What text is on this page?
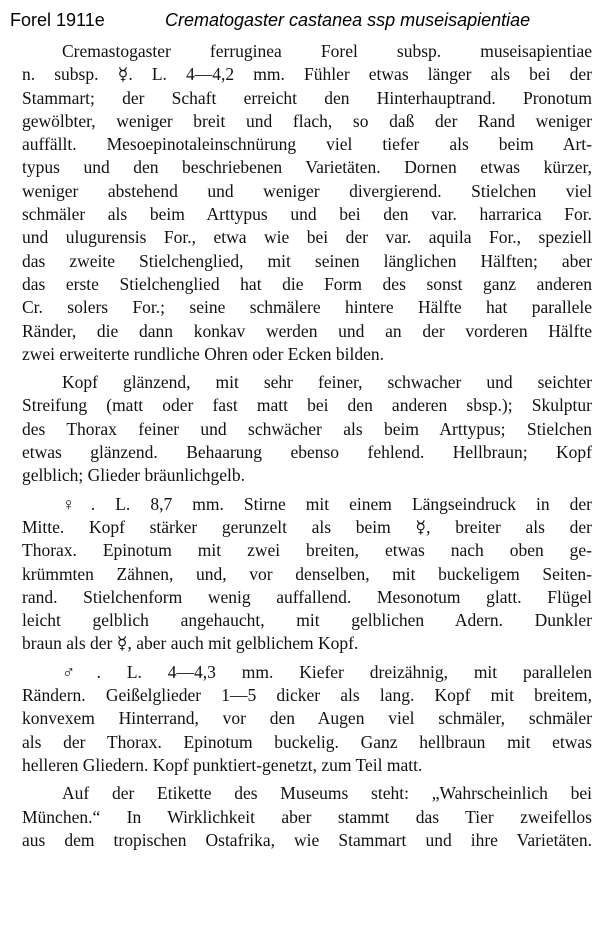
Forel 1911e	Crematogaster castanea ssp museisapientiae
Cremastogaster ferruginea Forel subsp. museisapientiae
n. subsp. ☿. L. 4—4,2 mm. Fühler etwas länger als bei der
Stammart; der Schaft erreicht den Hinterhauptrand. Pronotum
gewölbter, weniger breit und flach, so daß der Rand weniger
auffällt. Mesoepinotaleinschnürung viel tiefer als beim Art-
typus und den beschriebenen Varietäten. Dornen etwas kürzer,
weniger abstehend und weniger divergierend. Stielchen viel
schmäler als beim Arttypus und bei den var. harrarica For.
und ulugurensis For., etwa wie bei der var. aquila For., speziell
das zweite Stielchenglied, mit seinen länglichen Hälften; aber
das erste Stielchenglied hat die Form des sonst ganz anderen
Cr. solers For.; seine schmälere hintere Hälfte hat parallele
Ränder, die dann konkav werden und an der vorderen Hälfte
zwei erweiterte rundliche Ohren oder Ecken bilden.
Kopf glänzend, mit sehr feiner, schwacher und seichter
Streifung (matt oder fast matt bei den anderen sbsp.); Skulptur
des Thorax feiner und schwächer als beim Arttypus; Stielchen
etwas glänzend. Behaarung ebenso fehlend. Hellbraun; Kopf
gelblich; Glieder bräunlichgelb.
♀. L. 8,7 mm. Stirne mit einem Längseindruck in der
Mitte. Kopf stärker gerunzelt als beim ☿, breiter als der
Thorax. Epinotum mit zwei breiten, etwas nach oben ge-
krümmten Zähnen, und, vor denselben, mit buckeligem Seiten-
rand. Stielchenform wenig auffallend. Mesonotum glatt. Flügel
leicht gelblich angehaucht, mit gelblichen Adern. Dunkler
braun als der ☿, aber auch mit gelblichem Kopf.
♂. L. 4—4,3 mm. Kiefer dreizähnig, mit parallelen
Rändern. Geißelglieder 1—5 dicker als lang. Kopf mit breitem,
konvexem Hinterrand, vor den Augen viel schmäler, schmäler
als der Thorax. Epinotum buckelig. Ganz hellbraun mit etwas
helleren Gliedern. Kopf punktiert-genetzt, zum Teil matt.
Auf der Etikette des Museums steht: „Wahrscheinlich bei
München.“ In Wirklichkeit aber stammt das Tier zweifellos
aus dem tropischen Ostafrika, wie Stammart und ihre Varietäten.
